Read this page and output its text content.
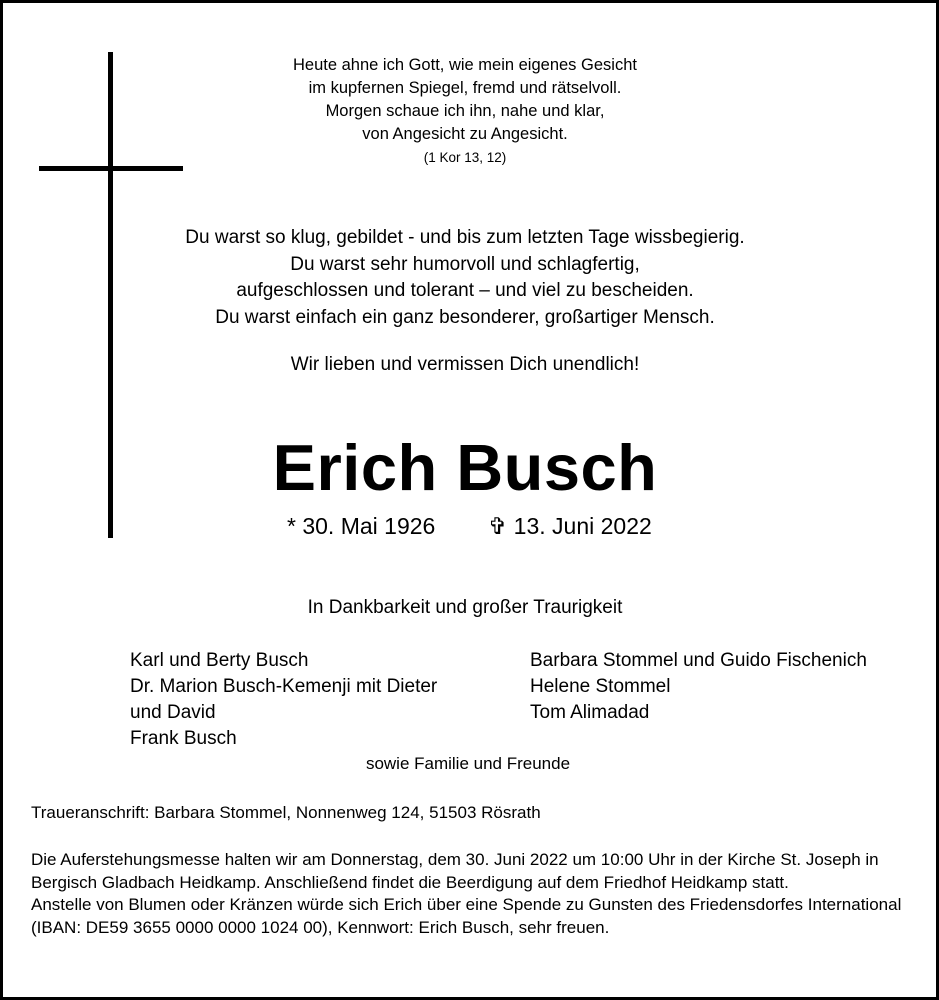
Heute ahne ich Gott, wie mein eigenes Gesicht
im kupfernen Spiegel, fremd und rätselvoll.
Morgen schaue ich ihn, nahe und klar,
von Angesicht zu Angesicht.
(1 Kor 13, 12)
Du warst so klug, gebildet - und bis zum letzten Tage wissbegierig.
Du warst sehr humorvoll und schlagfertig,
aufgeschlossen und tolerant – und viel zu bescheiden.
Du warst einfach ein ganz besonderer, großartiger Mensch.
Wir lieben und vermissen Dich unendlich!
Erich Busch
* 30. Mai 1926 ✞ 13. Juni 2022
In Dankbarkeit und großer Traurigkeit
Karl und Berty Busch
Dr. Marion Busch-Kemenji mit Dieter
und David
Frank Busch
Barbara Stommel und Guido Fischenich
Helene Stommel
Tom Alimadad
sowie Familie und Freunde
Traueranschrift: Barbara Stommel, Nonnenweg 124, 51503 Rösrath
Die Auferstehungsmesse halten wir am Donnerstag, dem 30. Juni 2022 um 10:00 Uhr in der Kirche St. Joseph in
Bergisch Gladbach Heidkamp. Anschließend findet die Beerdigung auf dem Friedhof Heidkamp statt.
Anstelle von Blumen oder Kränzen würde sich Erich über eine Spende zu Gunsten des Friedensdorfes International
(IBAN: DE59 3655 0000 0000 1024 00), Kennwort: Erich Busch, sehr freuen.
